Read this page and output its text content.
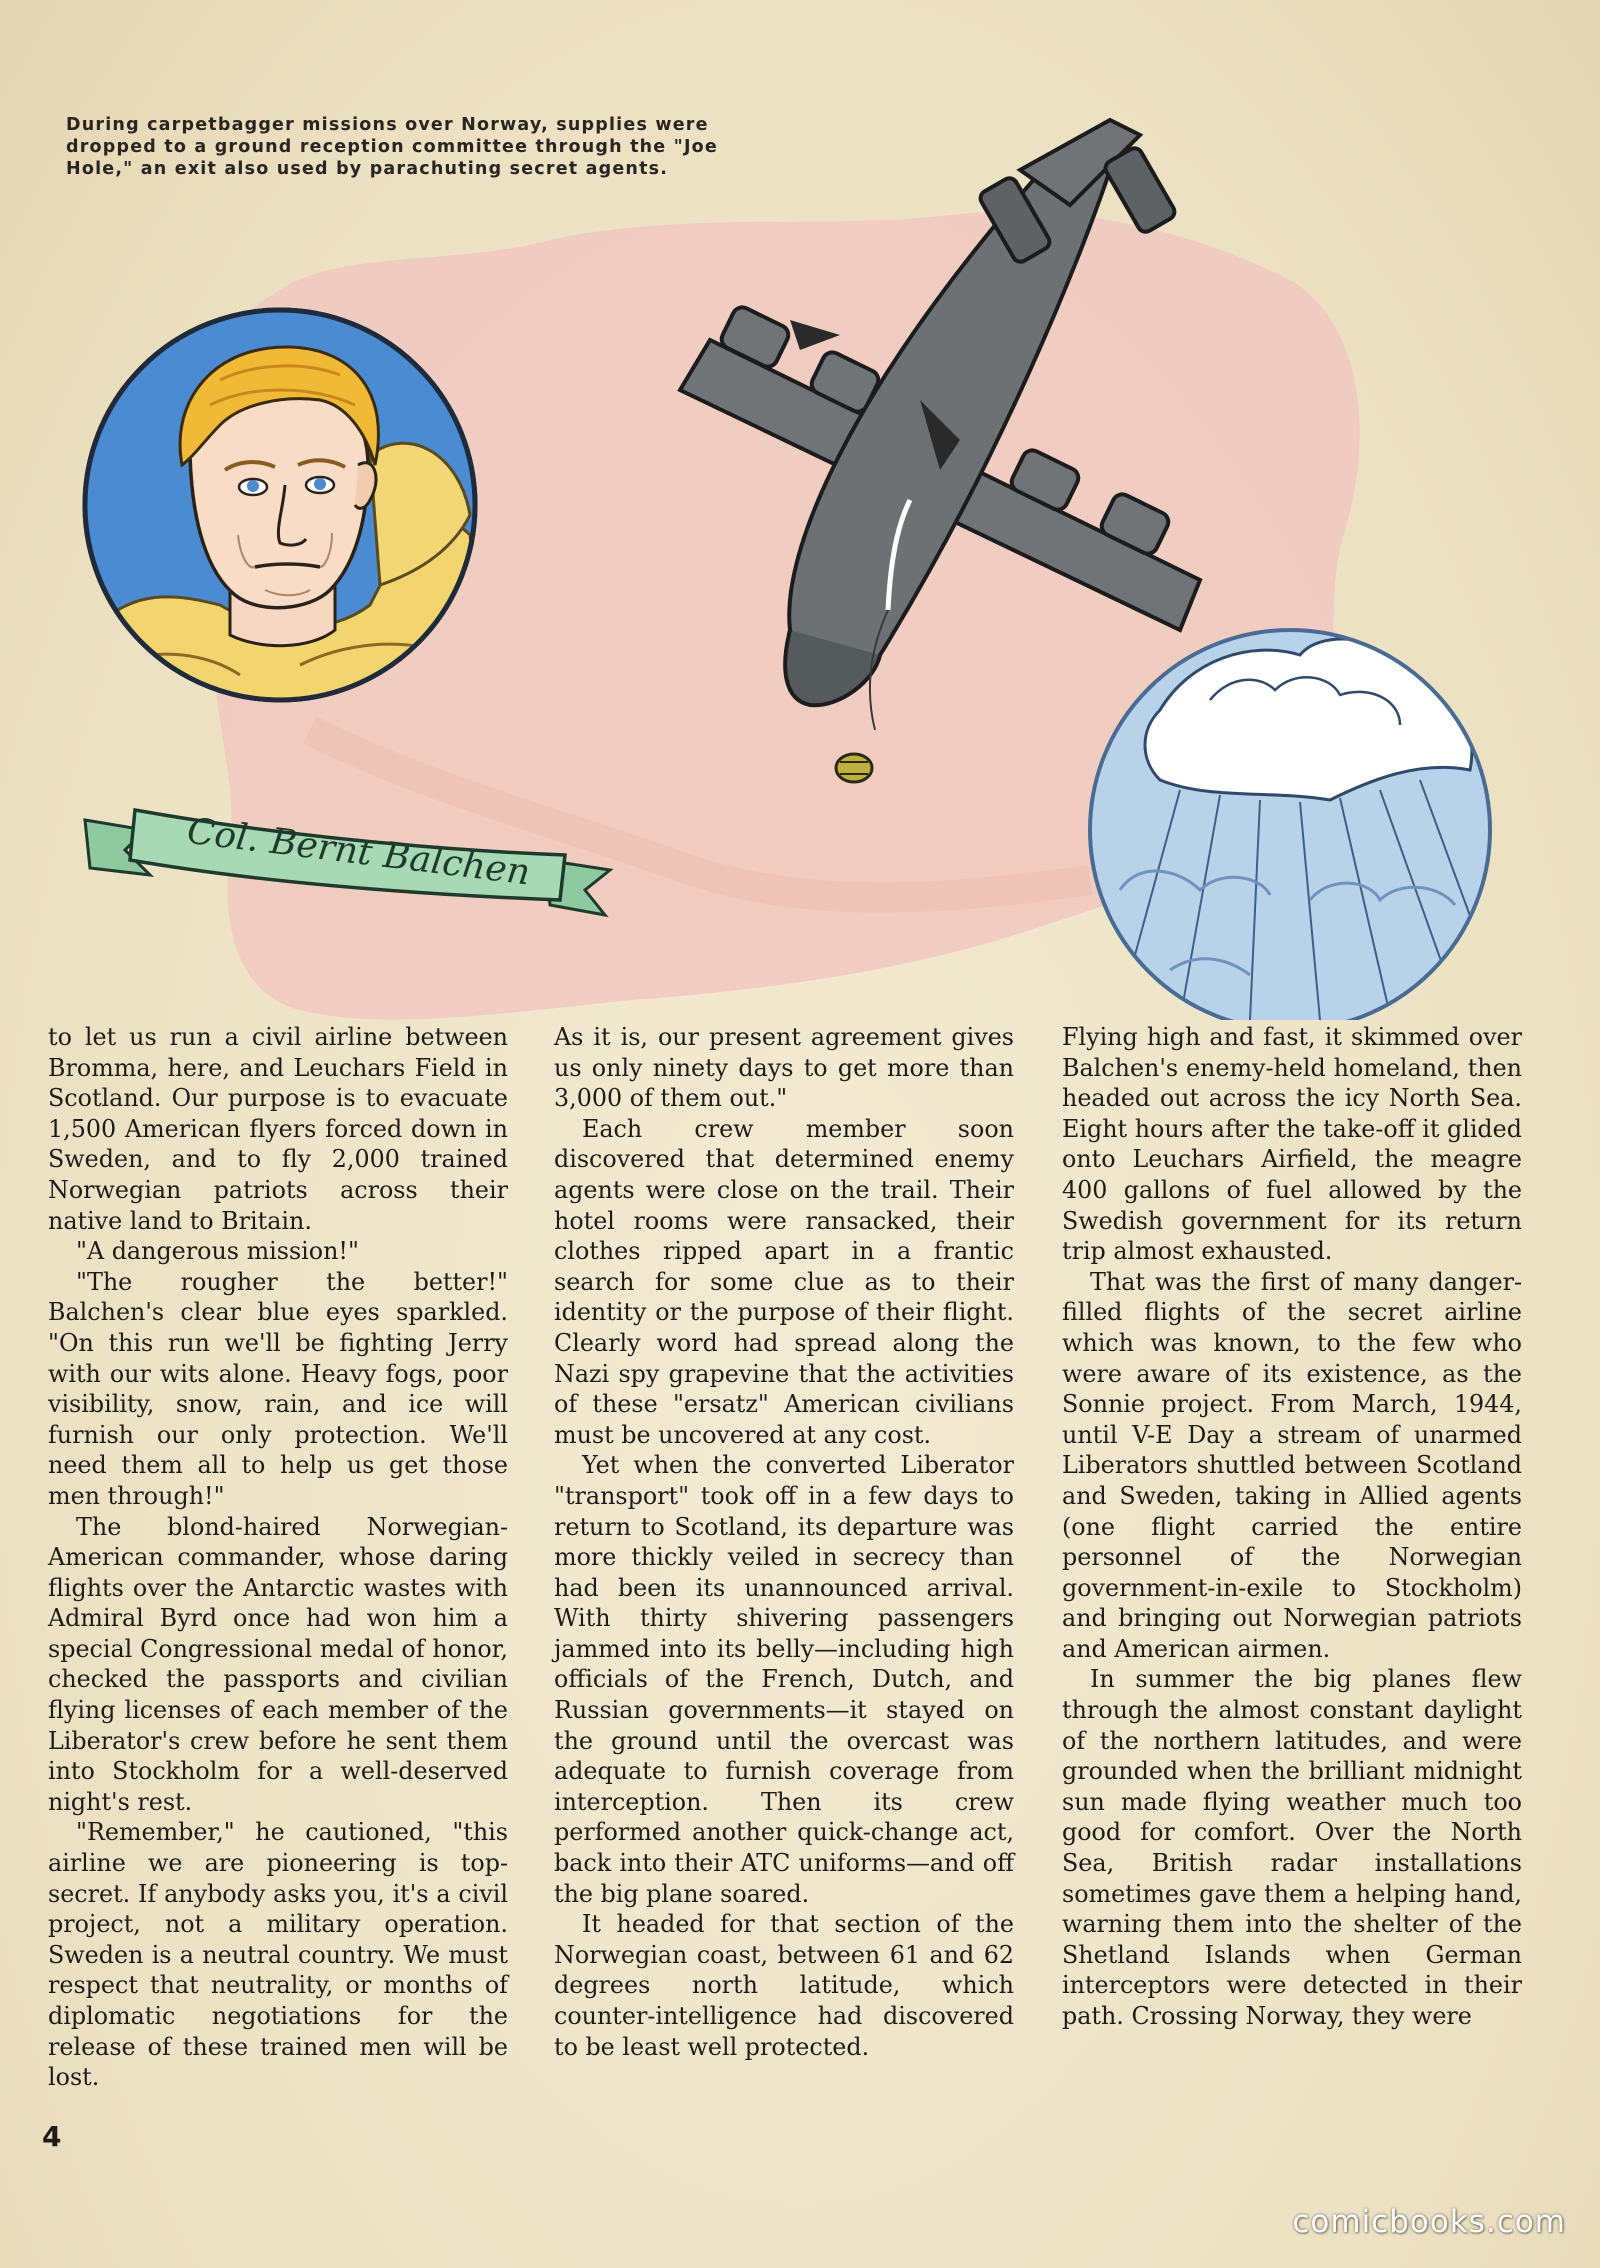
During carpetbagger missions over Norway, supplies were dropped to a ground reception committee through the "Joe Hole," an exit also used by parachuting secret agents.

Col. Bernt Balchen

to let us run a civil airline between Bromma, here, and Leuchars Field in Scotland. Our purpose is to evacuate 1,500 American flyers forced down in Sweden, and to fly 2,000 trained Norwegian patriots across their native land to Britain.

"A dangerous mission!"

"The rougher the better!" Balchen's clear blue eyes sparkled. "On this run we'll be fighting Jerry with our wits alone. Heavy fogs, poor visibility, snow, rain, and ice will furnish our only protection. We'll need them all to help us get those men through!"

The blond-haired Norwegian-American commander, whose daring flights over the Antarctic wastes with Admiral Byrd once had won him a special Congressional medal of honor, checked the passports and civilian flying licenses of each member of the Liberator's crew before he sent them into Stockholm for a well-deserved night's rest.

"Remember," he cautioned, "this airline we are pioneering is top-secret. If anybody asks you, it's a civil project, not a military operation. Sweden is a neutral country. We must respect that neutrality, or months of diplomatic negotiations for the release of these trained men will be lost.

As it is, our present agreement gives us only ninety days to get more than 3,000 of them out."

Each crew member soon discovered that determined enemy agents were close on the trail. Their hotel rooms were ransacked, their clothes ripped apart in a frantic search for some clue as to their identity or the purpose of their flight. Clearly word had spread along the Nazi spy grapevine that the activities of these "ersatz" American civilians must be uncovered at any cost.

Yet when the converted Liberator "transport" took off in a few days to return to Scotland, its departure was more thickly veiled in secrecy than had been its unannounced arrival. With thirty shivering passengers jammed into its belly—including high officials of the French, Dutch, and Russian governments—it stayed on the ground until the overcast was adequate to furnish coverage from interception. Then its crew performed another quick-change act, back into their ATC uniforms—and off the big plane soared.

It headed for that section of the Norwegian coast, between 61 and 62 degrees north latitude, which counter-intelligence had discovered to be least well protected.

Flying high and fast, it skimmed over Balchen's enemy-held homeland, then headed out across the icy North Sea. Eight hours after the take-off it glided onto Leuchars Airfield, the meagre 400 gallons of fuel allowed by the Swedish government for its return trip almost exhausted.

That was the first of many danger-filled flights of the secret airline which was known, to the few who were aware of its existence, as the Sonnie project. From March, 1944, until V-E Day a stream of unarmed Liberators shuttled between Scotland and Sweden, taking in Allied agents (one flight carried the entire personnel of the Norwegian government-in-exile to Stockholm) and bringing out Norwegian patriots and American airmen.

In summer the big planes flew through the almost constant daylight of the northern latitudes, and were grounded when the brilliant midnight sun made flying weather much too good for comfort. Over the North Sea, British radar installations sometimes gave them a helping hand, warning them into the shelter of the Shetland Islands when German interceptors were detected in their path. Crossing Norway, they were

4
comicbooks.com
